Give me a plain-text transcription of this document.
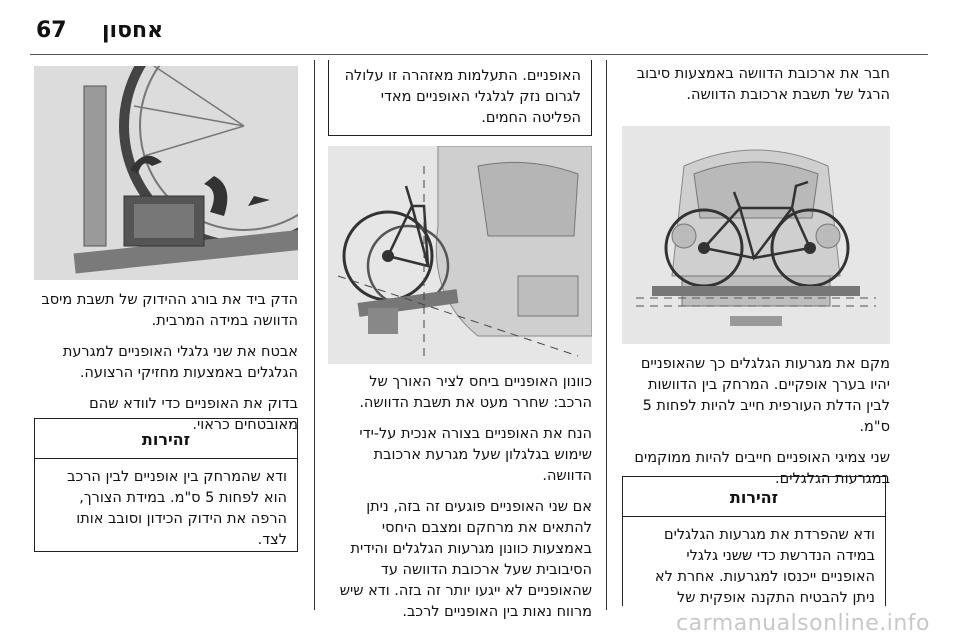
67 אחסון

חבר את ארכובת הדוושה באמצעות סיבוב הרגל של תשבת ארכובת הדוושה.

מקם את מגרעות הגלגלים כך שהאופניים יהיו בערך אופקיים. המרחק בין הדוושות לבין הדלת העורפית חייב להיות לפחות 5 ס"מ.

שני צמיגי האופניים חייבים להיות ממוקמים במגרעות הגלגלים.

זהירות
ודא שהפרדת את מגרעות הגלגלים במידה הנדרשת כדי ששני גלגלי האופניים ייכנסו למגרעות. אחרת לא ניתן להבטיח התקנה אופקית של
האופניים. התעלמות מאזהרה זו עלולה לגרום נזק לגלגלי האופניים מאדי הפליטה החמים.

כוונון האופניים ביחס לציר האורך של הרכב: שחרר מעט את תשבת הדוושה.

הנח את האופניים בצורה אנכית על-ידי שימוש בגלגלון שעל מגרעת ארכובת הדוושה.

אם שני האופניים פוגעים זה בזה, ניתן להתאים את מרחקם ומצבם היחסי באמצעות כוונון מגרעות הגלגלים והידית הסיבובית שעל ארכובת הדוושה עד שהאופניים לא ייגעו יותר זה בזה. ודא שיש מרווח נאות בין האופניים לרכב.

הדק ביד את בורג ההידוק של תשבת מיסב הדוושה במידה המרבית.

אבטח את שני גלגלי האופניים למגרעת הגלגלים באמצעות מחזיקי הרצועה.

בדוק את האופניים כדי לוודא שהם מאובטחים כראוי.

זהירות
ודא שהמרחק בין אופניים לבין הרכב הוא לפחות 5 ס"מ. במידת הצורך, הרפה את הידוק הכידון וסובב אותו לצד.
carmanualsonline.info
